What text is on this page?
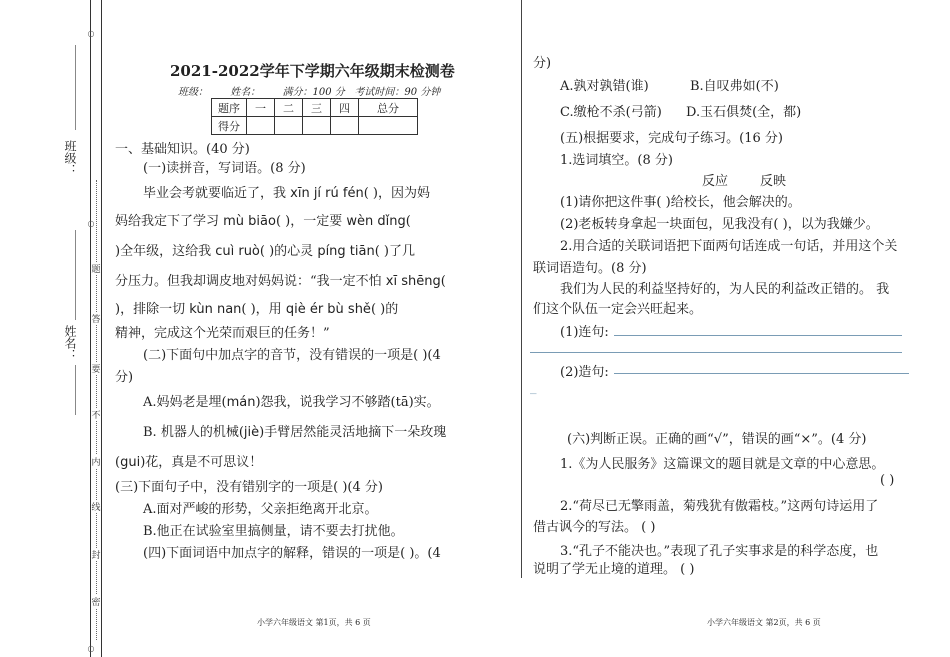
○
○
○
班级：
姓名：
题
答
要
不
内
线
封
密
2021-2022学年下学期六年级期末检测卷
班级： 姓名： 满分：100 分 考试时间：90 分钟
题序	一	二	三	四	总分
得分					
一、基础知识。(40 分)
(一)读拼音，写词语。(8 分)
毕业会考就要临近了，我 xīn jí rú fén( )，因为妈
妈给我定下了学习 mù biāo( )，一定要 wèn dǐng(
)全年级，这给我 cuì ruò( )的心灵 píng tiān( )了几
分压力。但我却调皮地对妈妈说：“我一定不怕 xī shēng(
)，排除一切 kùn nan( )，用 qiè ér bù shě( )的
精神，完成这个光荣而艰巨的任务！”
(二)下面句中加点字的音节，没有错误的一项是( )(4
分)
A.妈妈老是埋(mán)怨我，说我学习不够踏(tā)实。
B. 机器人的机械(jiè)手臂居然能灵活地摘下一朵玫瑰
(gui)花，真是不可思议！
(三)下面句子中，没有错别字的一项是( )(4 分)
A.面对严峻的形势，父亲拒绝离开北京。
B.他正在试验室里搞侧量，请不要去打扰他。
(四)下面词语中加点字的解释，错误的一项是( )。(4
分)
A.孰对孰错(谁)	B.自叹弗如(不)
C.缴枪不杀(弓箭) D.玉石俱焚(全，都)
(五)根据要求，完成句子练习。(16 分)
1.选词填空。(8 分)
反应 反映
(1)请你把这件事( )给校长，他会解决的。
(2)老板转身拿起一块面包，见我没有( )，以为我嫌少。
2.用合适的关联词语把下面两句话连成一句话，并用这个关
联词语造句。(8 分)
我们为人民的利益坚持好的，为人民的利益改正错的。 我
们这个队伍一定会兴旺起来。
(1)连句:
(2)造句:
_
(六)判断正误。正确的画“√”，错误的画“×”。(4 分)
1.《为人民服务》这篇课文的题目就是文章的中心意思。
( )
2.“荷尽已无擎雨盖，菊残犹有傲霜枝。”这两句诗运用了
借古讽今的写法。 ( )
3.“孔子不能决也。”表现了孔子实事求是的科学态度，也
说明了学无止境的道理。 ( )
小学六年级语文 第1页，共 6 页	小学六年级语文 第2页，共 6 页
